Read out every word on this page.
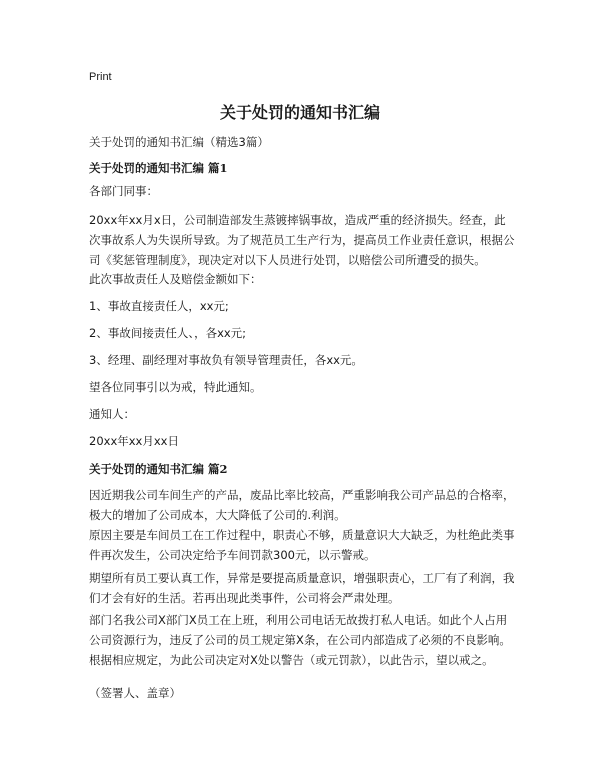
Print
关于处罚的通知书汇编
关于处罚的通知书汇编（精选3篇）
关于处罚的通知书汇编 篇1

各部门同事：

20xx年xx月x日，公司制造部发生蒸镀摔锅事故，造成严重的经济损失。经查，此次事故系人为失误所导致。为了规范员工生产行为，提高员工作业责任意识，根据公司《奖惩管理制度》，现决定对以下人员进行处罚，以赔偿公司所遭受的损失。

此次事故责任人及赔偿金额如下：

1、事故直接责任人，xx元;

2、事故间接责任人、，各xx元;

3、经理、副经理对事故负有领导管理责任，各xx元。

望各位同事引以为戒，特此通知。

通知人：

20xx年xx月xx日

关于处罚的通知书汇编 篇2

因近期我公司车间生产的产品，废品比率比较高，严重影响我公司产品总的合格率，极大的增加了公司成本，大大降低了公司的.利润。

原因主要是车间员工在工作过程中，职责心不够，质量意识大大缺乏，为杜绝此类事件再次发生，公司决定给予车间罚款300元，以示警戒。

期望所有员工要认真工作，异常是要提高质量意识，增强职责心，工厂有了利润，我们才会有好的生活。若再出现此类事件，公司将会严肃处理。

部门名我公司X部门X员工在上班，利用公司电话无故拨打私人电话。如此个人占用公司资源行为，违反了公司的员工规定第X条，在公司内部造成了必须的不良影响。根据相应规定，为此公司决定对X处以警告（或元罚款），以此告示，望以戒之。

（签署人、盖章）
